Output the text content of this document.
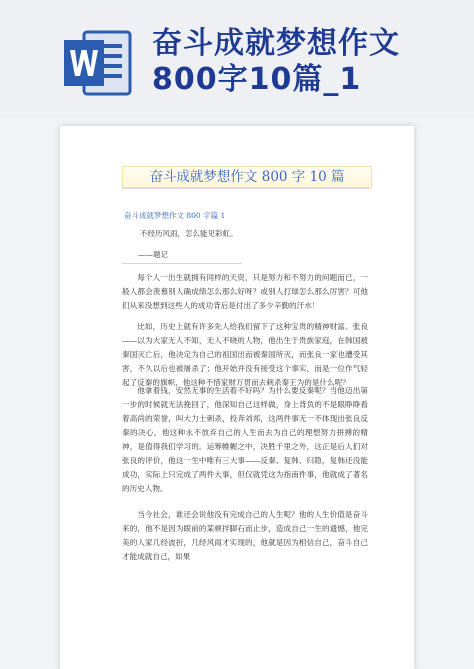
奋斗成就梦想作文
800字10篇_1
奋斗成就梦想作文 800 字 10 篇
奋斗成就梦想作文 800 字篇 1
不经历风雨，怎么能见彩虹。
——题记

每个人一出生就拥有同样的天资，只是努力和不努力的问题而已，一般人都会羡慕别人确成绩怎么那么好呀？或别人打球怎么那么厉害？可他们从来没想到这些人的成功背后是付出了多少辛勤的汗水！

比如，历史上就有许多先人给我们留下了这种宝贵的精神财富。张良——以为大家无人不知，无人不晓的人物，他出生于贵族家庭，在韩国被秦国灭亡后，他决定为自己的祖国出而被秦国所灭，而张良一家也遭受其害，不久以后也被屠杀了；他开始并没有接受这个事实，而是一位作气轻起了反秦的旗帜，他这种不惜家财万贯而去刺杀秦王为的是什么呢？

他拿着钱，安然无事的生活着不好吗？为什么要反秦呢？当他迈出第一步的时候就无法挽回了，他深知自己这样做，身上背负的不是眼睁睁看着高尚的荣誉，叫大力士刺杀，投奔刘邦，这两件事无一不体现出张良反秦的决心，他这种永不放弃自己的人生而去为自己的理想努力拼搏的精神，是值得我们学习的。运筹帷幄之中，决胜千里之外，这正是后人们对张良的评价，他这一生中唯有三大事——反秦、复韩、归隐，复韩还没能成功，实际上只完成了两件大事，但仅就凭这为指南件事，他就成了著名的历史人物。

当今社会，谁还会说他没有完成自己的人生呢？他的人生价值是奋斗来的，他不是因为眼前的某顿拌脚石而止步，造成自己一生的遗憾，他完美的人家几经波折，几经风雨才实现的，他就是因为相信自己，奋斗自己才能成就自己，如果
